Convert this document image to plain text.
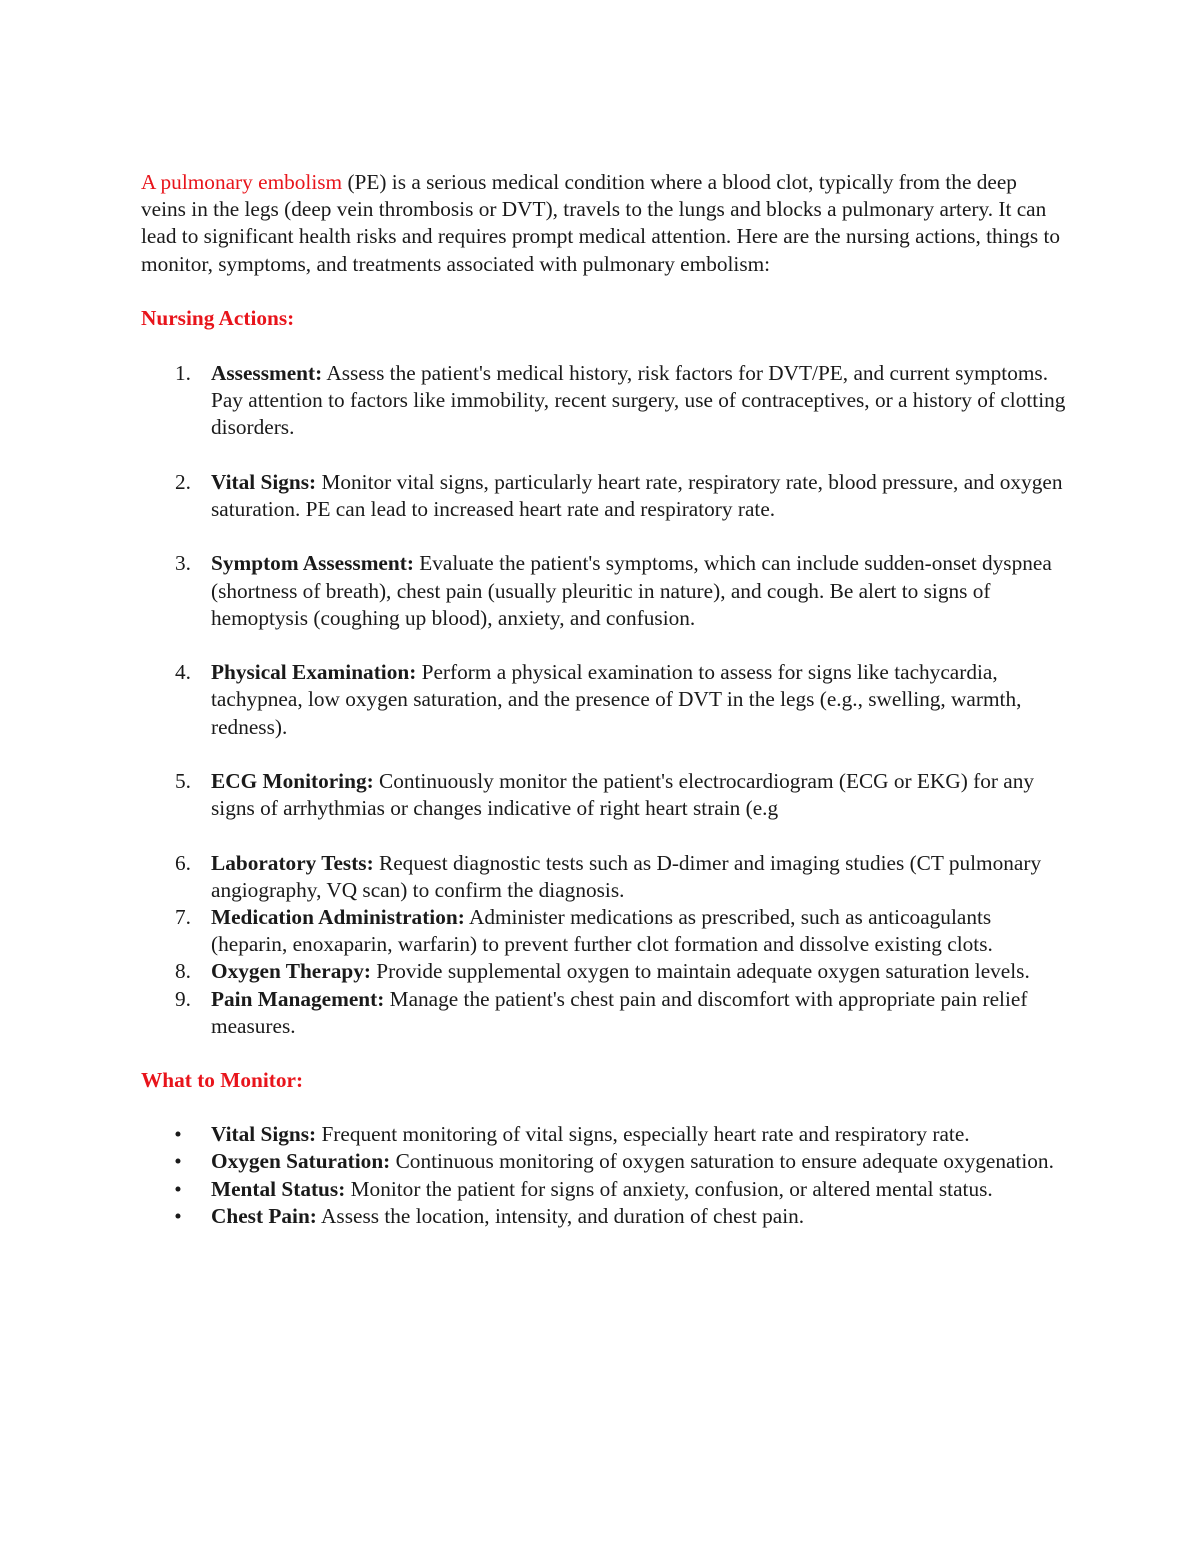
A pulmonary embolism (PE) is a serious medical condition where a blood clot, typically from the deep veins in the legs (deep vein thrombosis or DVT), travels to the lungs and blocks a pulmonary artery. It can lead to significant health risks and requires prompt medical attention. Here are the nursing actions, things to monitor, symptoms, and treatments associated with pulmonary embolism:

Nursing Actions:
1. Assessment: Assess the patient's medical history, risk factors for DVT/PE, and current symptoms. Pay attention to factors like immobility, recent surgery, use of contraceptives, or a history of clotting disorders.
2. Vital Signs: Monitor vital signs, particularly heart rate, respiratory rate, blood pressure, and oxygen saturation. PE can lead to increased heart rate and respiratory rate.
3. Symptom Assessment: Evaluate the patient's symptoms, which can include sudden-onset dyspnea (shortness of breath), chest pain (usually pleuritic in nature), and cough. Be alert to signs of hemoptysis (coughing up blood), anxiety, and confusion.
4. Physical Examination: Perform a physical examination to assess for signs like tachycardia, tachypnea, low oxygen saturation, and the presence of DVT in the legs (e.g., swelling, warmth, redness).
5. ECG Monitoring: Continuously monitor the patient's electrocardiogram (ECG or EKG) for any signs of arrhythmias or changes indicative of right heart strain (e.g
6. Laboratory Tests: Request diagnostic tests such as D-dimer and imaging studies (CT pulmonary angiography, VQ scan) to confirm the diagnosis.
7. Medication Administration: Administer medications as prescribed, such as anticoagulants (heparin, enoxaparin, warfarin) to prevent further clot formation and dissolve existing clots.
8. Oxygen Therapy: Provide supplemental oxygen to maintain adequate oxygen saturation levels.
9. Pain Management: Manage the patient's chest pain and discomfort with appropriate pain relief measures.
What to Monitor:
• Vital Signs: Frequent monitoring of vital signs, especially heart rate and respiratory rate.
• Oxygen Saturation: Continuous monitoring of oxygen saturation to ensure adequate oxygenation.
• Mental Status: Monitor the patient for signs of anxiety, confusion, or altered mental status.
• Chest Pain: Assess the location, intensity, and duration of chest pain.
